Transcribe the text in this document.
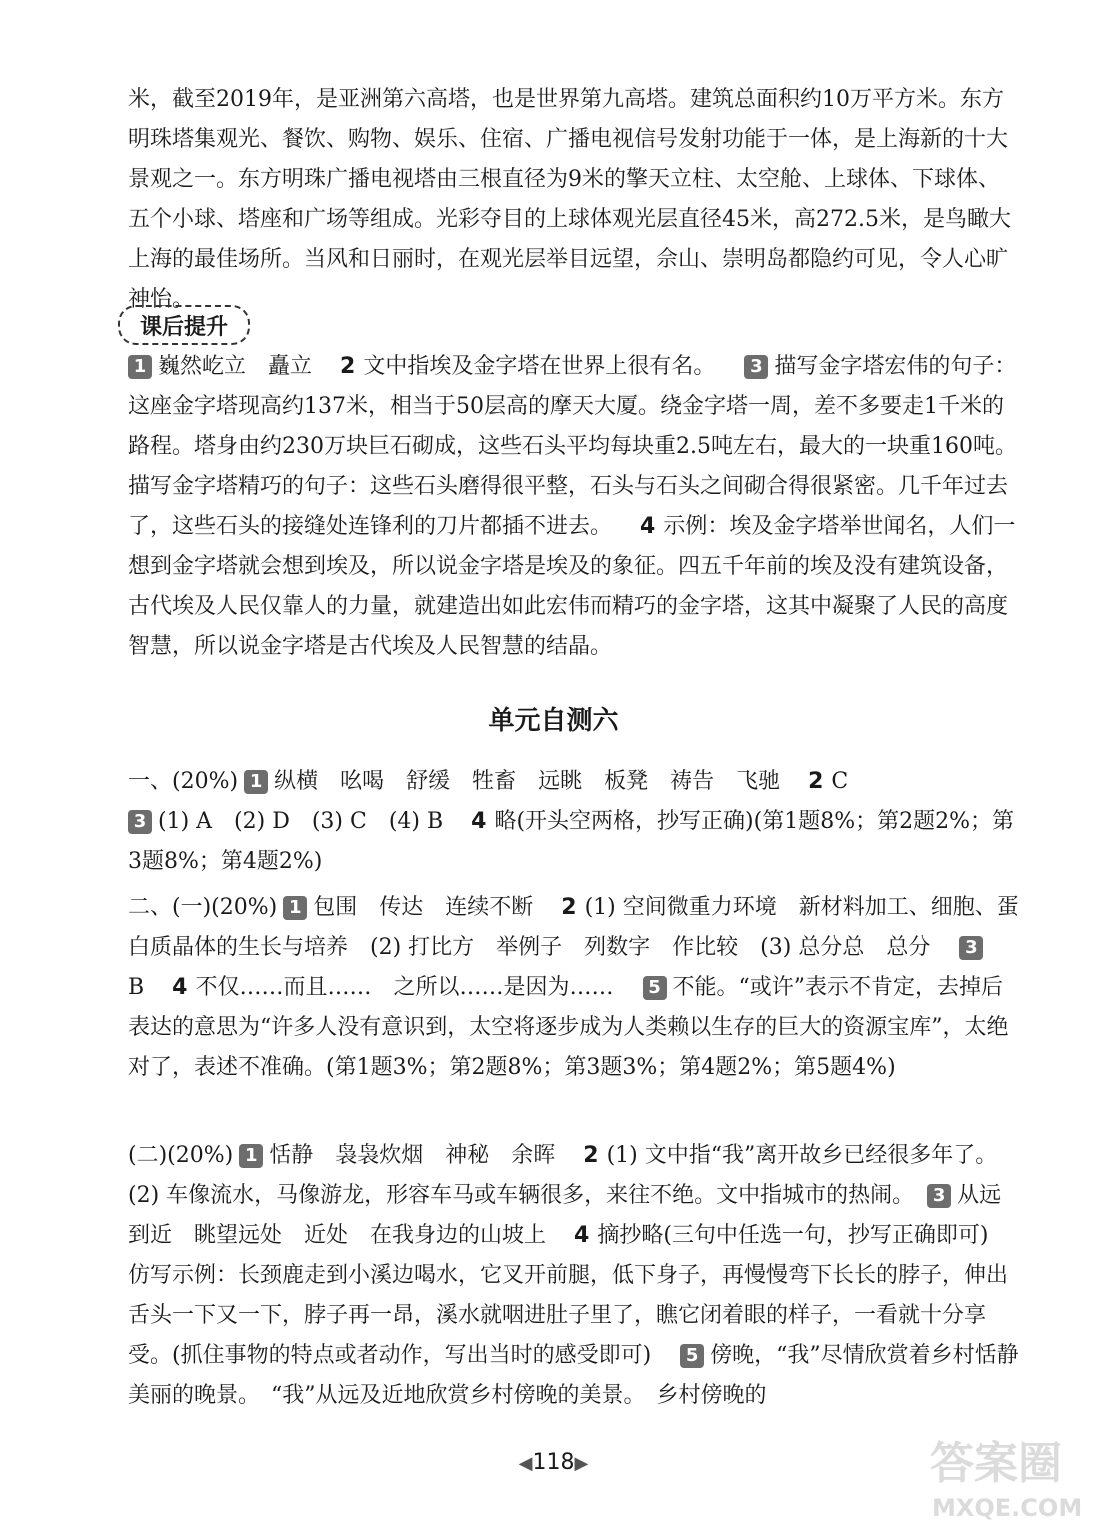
米，截至2019年，是亚洲第六高塔，也是世界第九高塔。建筑总面积约10万平方米。东方明珠塔集观光、餐饮、购物、娱乐、住宿、广播电视信号发射功能于一体，是上海新的十大景观之一。东方明珠广播电视塔由三根直径为9米的擎天立柱、太空舱、上球体、下球体、五个小球、塔座和广场等组成。光彩夺目的上球体观光层直径45米，高272.5米，是鸟瞰大上海的最佳场所。当风和日丽时，在观光层举目远望，佘山、崇明岛都隐约可见，令人心旷神怡。

课后提升

1 巍然屹立　矗立 2 文中指埃及金字塔在世界上很有名。 3 描写金字塔宏伟的句子：这座金字塔现高约137米，相当于50层高的摩天大厦。绕金字塔一周，差不多要走1千米的路程。塔身由约230万块巨石砌成，这些石头平均每块重2.5吨左右，最大的一块重160吨。　描写金字塔精巧的句子：这些石头磨得很平整，石头与石头之间砌合得很紧密。几千年过去了，这些石头的接缝处连锋利的刀片都插不进去。 4 示例：埃及金字塔举世闻名，人们一想到金字塔就会想到埃及，所以说金字塔是埃及的象征。四五千年前的埃及没有建筑设备，古代埃及人民仅靠人的力量，就建造出如此宏伟而精巧的金字塔，这其中凝聚了人民的高度智慧，所以说金字塔是古代埃及人民智慧的结晶。

单元自测六

一、(20%) 1 纵横　吆喝　舒缓　牲畜　远眺　板凳　祷告　飞驰 2 C
3 (1) A　(2) D　(3) C　(4) B 4 略(开头空两格，抄写正确)(第1题8%；第2题2%；第3题8%；第4题2%)

二、(一)(20%) 1 包围　传达　连续不断 2 (1) 空间微重力环境　新材料加工、细胞、蛋白质晶体的生长与培养　(2) 打比方　举例子　列数字　作比较　(3) 总分总　总分 3B 4 不仅……而且……　之所以……是因为…… 5 不能。“或许”表示不肯定，去掉后表达的意思为“许多人没有意识到，太空将逐步成为人类赖以生存的巨大的资源宝库”，太绝对了，表述不准确。(第1题3%；第2题8%；第3题3%；第4题2%；第5题4%)

(二)(20%) 1 恬静　袅袅炊烟　神秘　余晖 2 (1) 文中指“我”离开故乡已经很多年了。　(2) 车像流水，马像游龙，形容车马或车辆很多，来往不绝。文中指城市的热闹。 3 从远到近　眺望远处　近处　在我身边的山坡上 4 摘抄略(三句中任选一句，抄写正确即可)　仿写示例：长颈鹿走到小溪边喝水，它叉开前腿，低下身子，再慢慢弯下长长的脖子，伸出舌头一下又一下，脖子再一昂，溪水就咽进肚子里了，瞧它闭着眼的样子，一看就十分享受。(抓住事物的特点或者动作，写出当时的感受即可) 5 傍晚，“我”尽情欣赏着乡村恬静美丽的晚景。　“我”从远及近地欣赏乡村傍晚的美景。　乡村傍晚的

◀118▶	答案圈
MXQE.COM
